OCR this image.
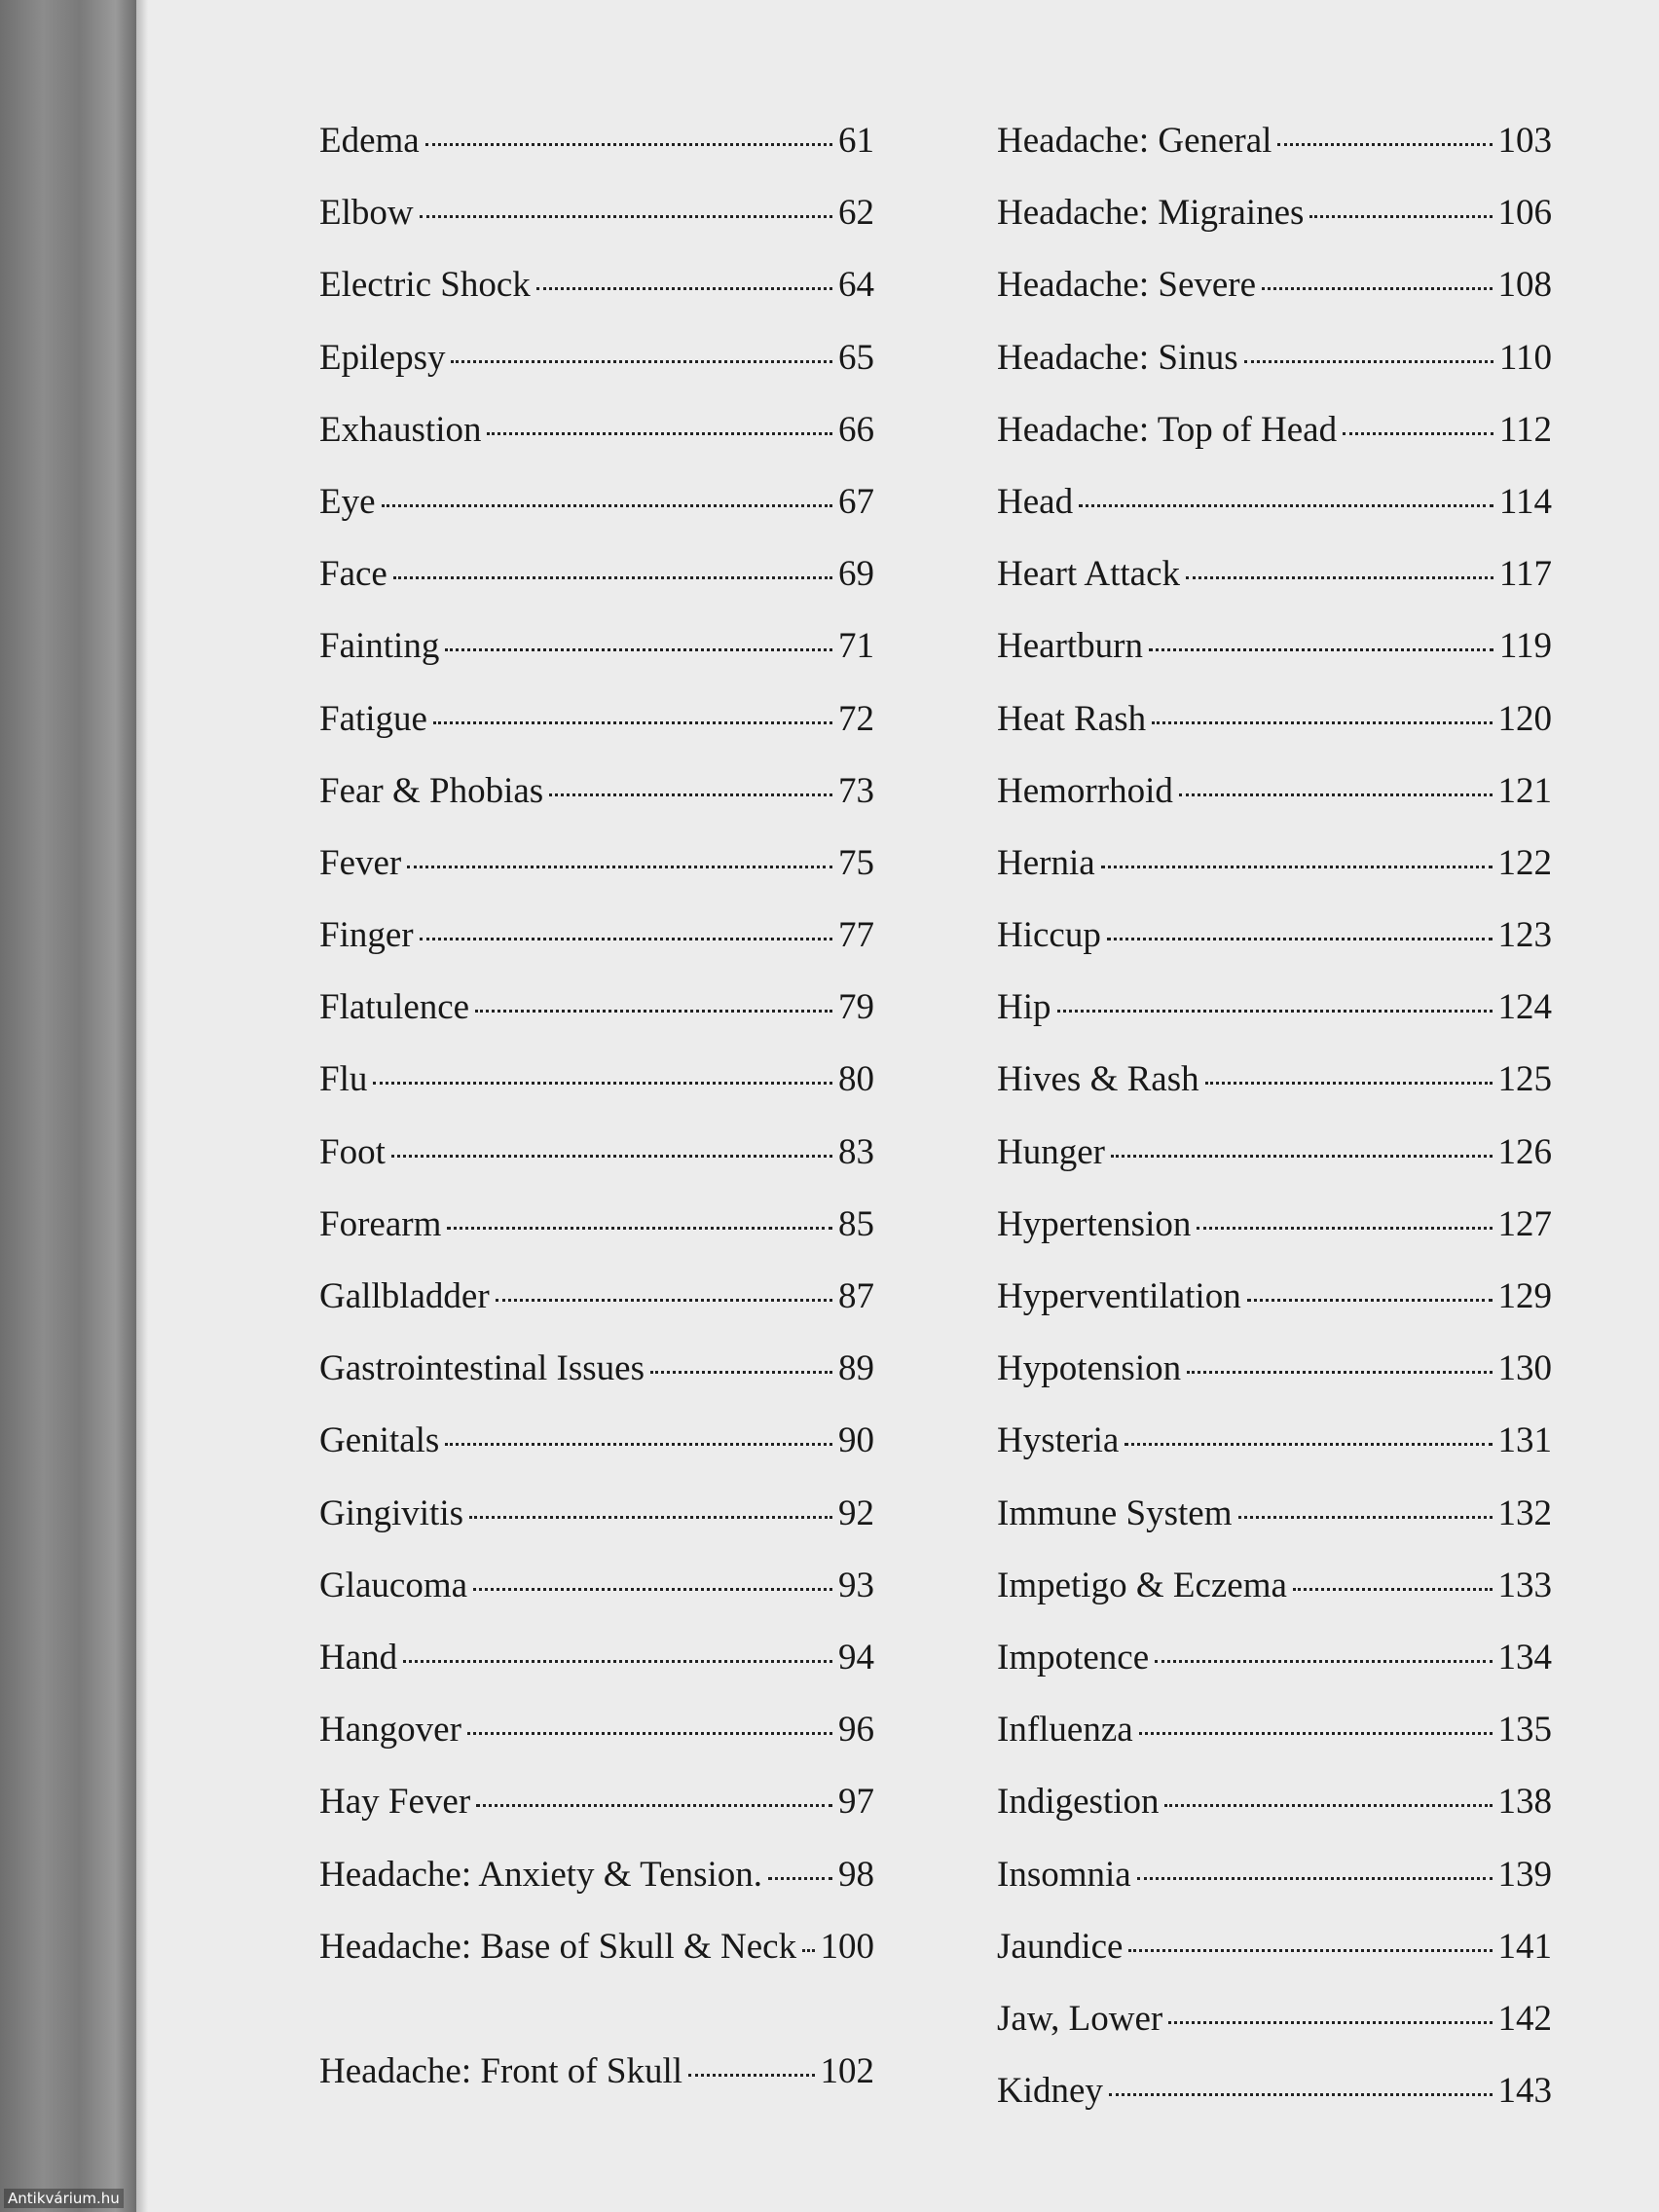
Edema	61
Elbow	62
Electric Shock	64
Epilepsy	65
Exhaustion	66
Eye	67
Face	69
Fainting	71
Fatigue	72
Fear & Phobias	73
Fever	75
Finger	77
Flatulence	79
Flu	80
Foot	83
Forearm	85
Gallbladder	87
Gastrointestinal Issues	89
Genitals	90
Gingivitis	92
Glaucoma	93
Hand	94
Hangover	96
Hay Fever	97
Headache: Anxiety & Tension. 98
Headache: Base of Skull & Neck 100
Headache: Front of Skull	102
Headache: General	103
Headache: Migraines	106
Headache: Severe	108
Headache: Sinus	110
Headache: Top of Head	112
Head	114
Heart Attack	117
Heartburn	119
Heat Rash	120
Hemorrhoid	121
Hernia	122
Hiccup	123
Hip	124
Hives & Rash	125
Hunger	126
Hypertension	127
Hyperventilation	129
Hypotension	130
Hysteria	131
Immune System	132
Impetigo & Eczema	133
Impotence	134
Influenza	135
Indigestion	138
Insomnia	139
Jaundice	141
Jaw, Lower	142
Kidney	143
Antikvárium.hu
